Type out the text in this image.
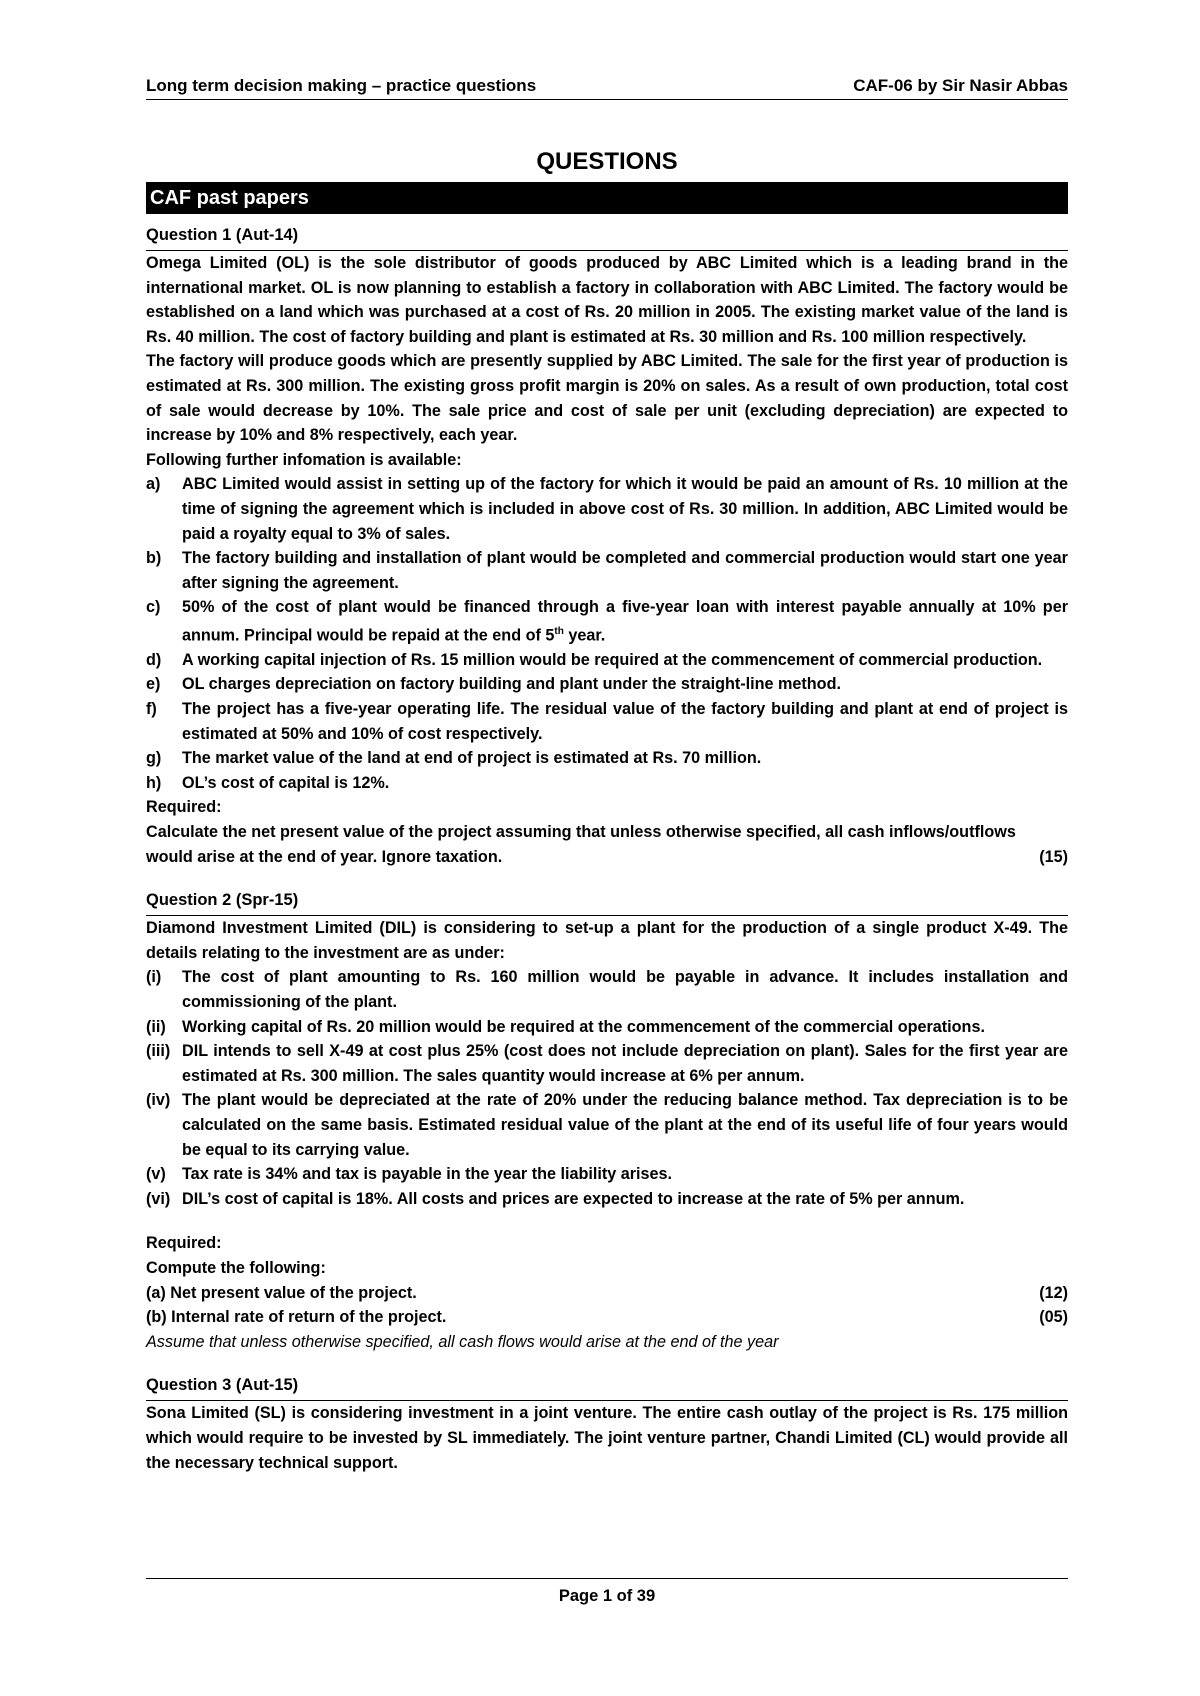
Long term decision making – practice questions	CAF-06 by Sir Nasir Abbas
QUESTIONS
CAF past papers
Question 1 (Aut-14)

Omega Limited (OL) is the sole distributor of goods produced by ABC Limited which is a leading brand in the international market. OL is now planning to establish a factory in collaboration with ABC Limited. The factory would be established on a land which was purchased at a cost of Rs. 20 million in 2005. The existing market value of the land is Rs. 40 million. The cost of factory building and plant is estimated at Rs. 30 million and Rs. 100 million respectively.

The factory will produce goods which are presently supplied by ABC Limited. The sale for the first year of production is estimated at Rs. 300 million. The existing gross profit margin is 20% on sales. As a result of own production, total cost of sale would decrease by 10%. The sale price and cost of sale per unit (excluding depreciation) are expected to increase by 10% and 8% respectively, each year.

Following further infomation is available:

a)	ABC Limited would assist in setting up of the factory for which it would be paid an amount of Rs. 10 million at the time of signing the agreement which is included in above cost of Rs. 30 million. In addition, ABC Limited would be paid a royalty equal to 3% of sales.
b)	The factory building and installation of plant would be completed and commercial production would start one year after signing the agreement.
c)	50% of the cost of plant would be financed through a five-year loan with interest payable annually at 10% per annum. Principal would be repaid at the end of 5th year.
d)	A working capital injection of Rs. 15 million would be required at the commencement of commercial production.
e)	OL charges depreciation on factory building and plant under the straight-line method.
f)	The project has a five-year operating life. The residual value of the factory building and plant at end of project is estimated at 50% and 10% of cost respectively.
g)	The market value of the land at end of project is estimated at Rs. 70 million.
h)	OL’s cost of capital is 12%.

Required:

Calculate the net present value of the project assuming that unless otherwise specified, all cash inflows/outflows

would arise at the end of year. Ignore taxation.	(15)
Question 2 (Spr-15)

Diamond Investment Limited (DIL) is considering to set-up a plant for the production of a single product X-49. The details relating to the investment are as under:

(i)	The cost of plant amounting to Rs. 160 million would be payable in advance. It includes installation and commissioning of the plant.
(ii)	Working capital of Rs. 20 million would be required at the commencement of the commercial operations.
(iii) DIL intends to sell X-49 at cost plus 25% (cost does not include depreciation on plant). Sales for the first year are estimated at Rs. 300 million. The sales quantity would increase at 6% per annum.
(iv) The plant would be depreciated at the rate of 20% under the reducing balance method. Tax depreciation is to be calculated on the same basis. Estimated residual value of the plant at the end of its useful life of four years would be equal to its carrying value.
(v)	Tax rate is 34% and tax is payable in the year the liability arises.
(vi) DIL’s cost of capital is 18%. All costs and prices are expected to increase at the rate of 5% per annum.

Required:

Compute the following:

(a) Net present value of the project.	(12)
(b) Internal rate of return of the project.	(05)

Assume that unless otherwise specified, all cash flows would arise at the end of the year

Question 3 (Aut-15)

Sona Limited (SL) is considering investment in a joint venture. The entire cash outlay of the project is Rs. 175 million which would require to be invested by SL immediately. The joint venture partner, Chandi Limited (CL) would provide all the necessary technical support.

Page 1 of 39
